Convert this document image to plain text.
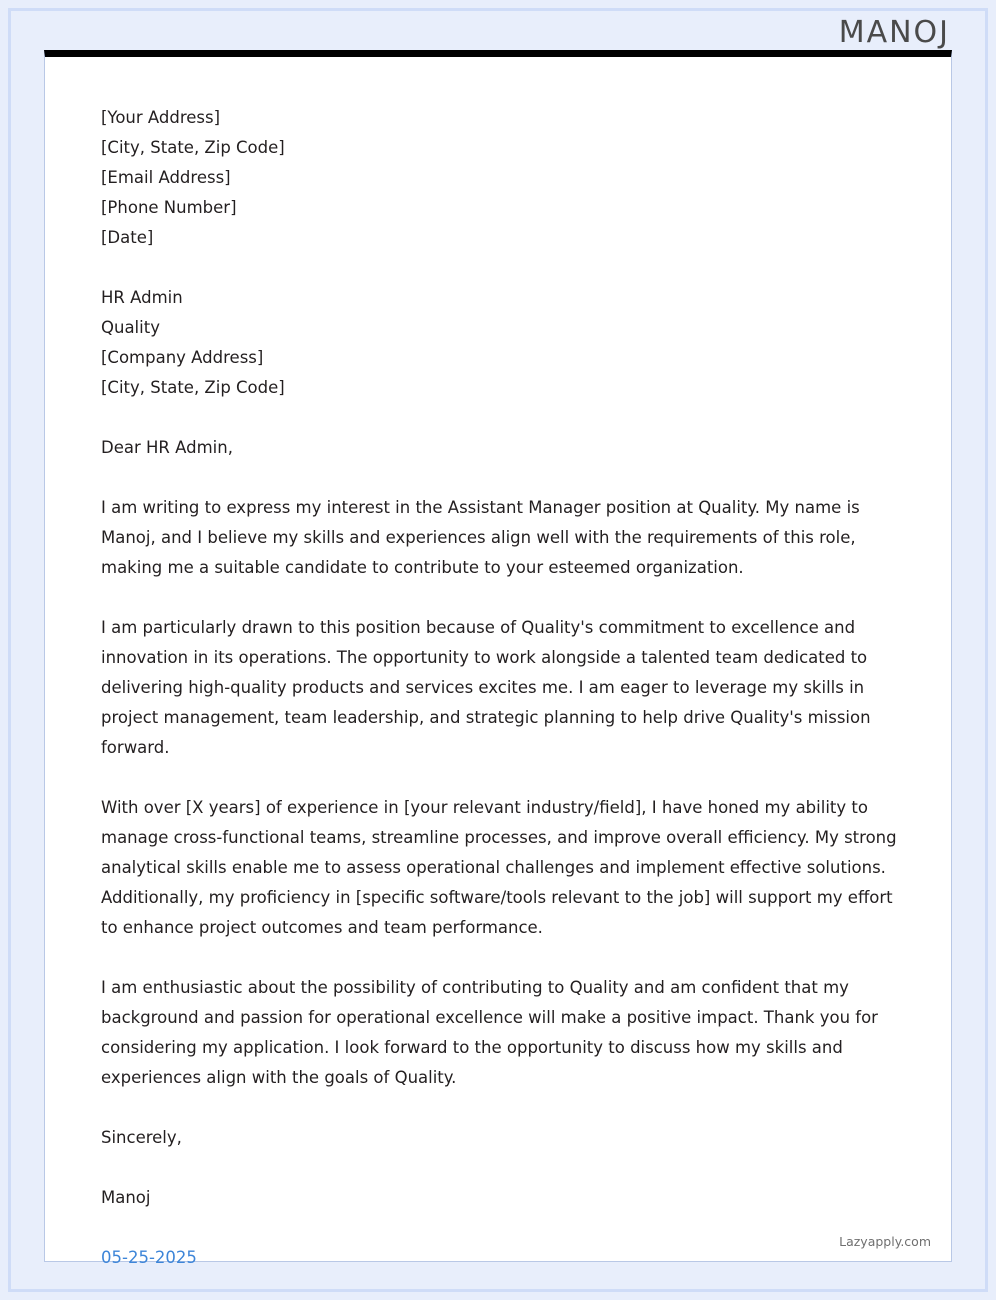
MANOJ
[Your Address]
[City, State, Zip Code]
[Email Address]
[Phone Number]
[Date]
HR Admin
Quality
[Company Address]
[City, State, Zip Code]

Dear HR Admin,

I am writing to express my interest in the Assistant Manager position at Quality. My name is Manoj, and I believe my skills and experiences align well with the requirements of this role, making me a suitable candidate to contribute to your esteemed organization.

I am particularly drawn to this position because of Quality's commitment to excellence and innovation in its operations. The opportunity to work alongside a talented team dedicated to delivering high-quality products and services excites me. I am eager to leverage my skills in project management, team leadership, and strategic planning to help drive Quality's mission forward.

With over [X years] of experience in [your relevant industry/field], I have honed my ability to manage cross-functional teams, streamline processes, and improve overall efficiency. My strong analytical skills enable me to assess operational challenges and implement effective solutions. Additionally, my proficiency in [specific software/tools relevant to the job] will support my effort to enhance project outcomes and team performance.

I am enthusiastic about the possibility of contributing to Quality and am confident that my background and passion for operational excellence will make a positive impact. Thank you for considering my application. I look forward to the opportunity to discuss how my skills and experiences align with the goals of Quality.

Sincerely,

Manoj

05-25-2025

Lazyapply.com
